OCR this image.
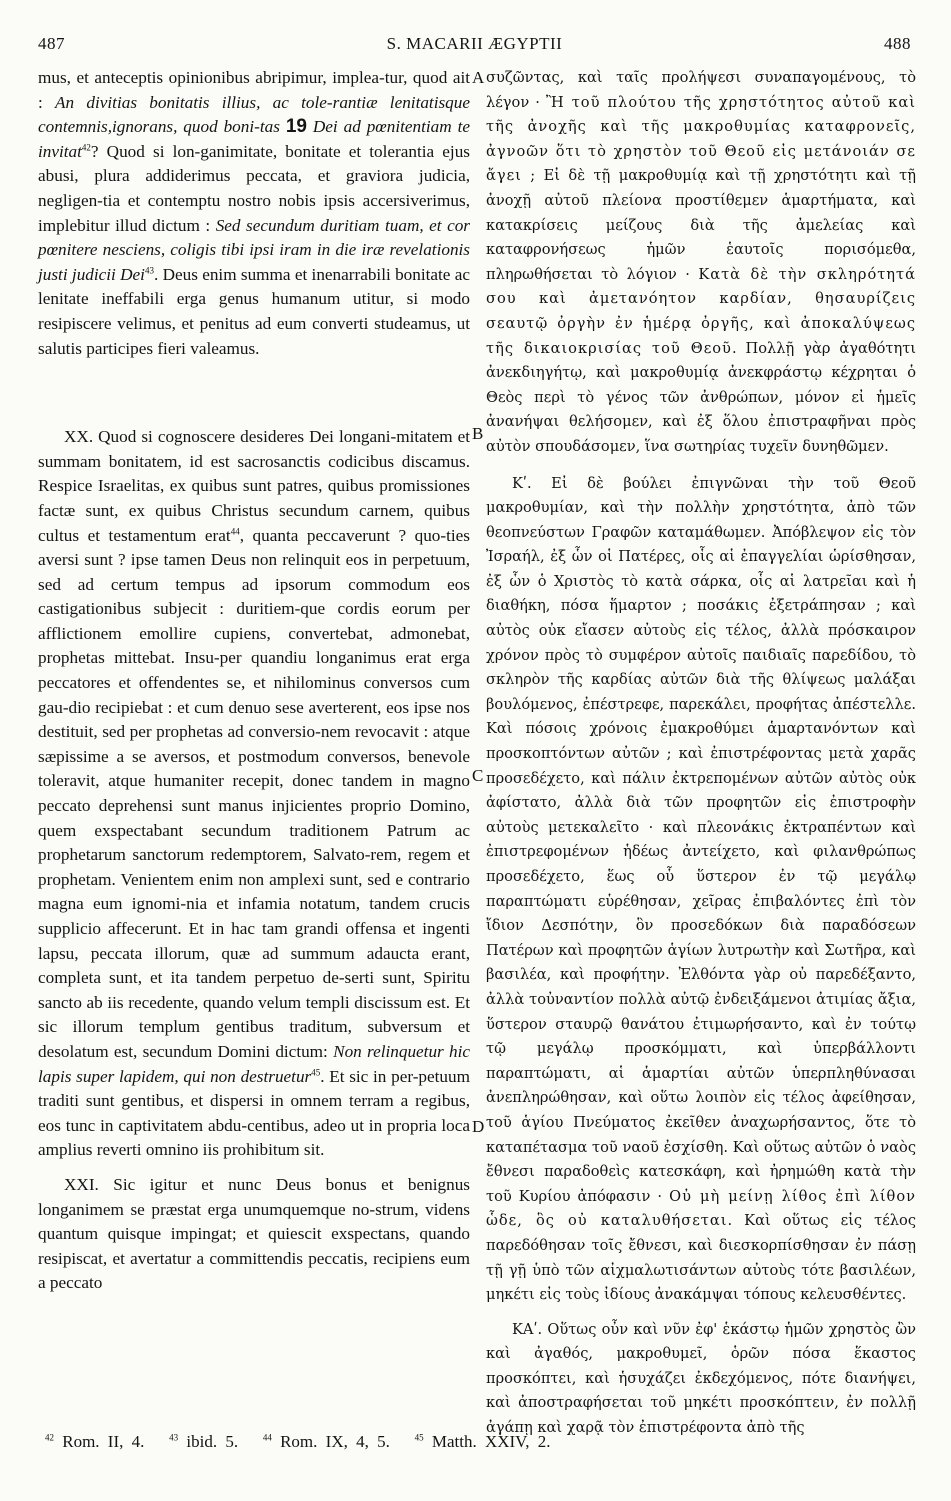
487	S. MACARII ÆGYPTII	488
A
B
C
D

mus, et anteceptis opinionibus abripimur, implea-tur, quod ait : An divitias bonitatis illius, ac tole-rantiæ lenitatisque contemnis,ignorans, quod boni-tas 19 Dei ad pœnitentiam te invitat$^{42}$? Quod si lon-ganimitate, bonitate et tolerantia ejus abusi, plura addiderimus peccata, et graviora judicia, negligen-tia et contemptu nostro nobis ipsis accersiverimus, implebitur illud dictum : Sed secundum duritiam tuam, et cor pœnitere nesciens, coligis tibi ipsi iram in die iræ revelationis justi judicii Dei$^{43}$. Deus enim summa et inenarrabili bonitate ac lenitate ineffabili erga genus humanum utitur, si modo resipiscere velimus, et penitus ad eum converti studeamus, ut salutis participes fieri valeamus.

XX. Quod si cognoscere desideres Dei longani-mitatem et summam bonitatem, id est sacrosanctis codicibus discamus. Respice Israelitas, ex quibus sunt patres, quibus promissiones factæ sunt, ex quibus Christus secundum carnem, quibus cultus et testamentum erat$^{44}$, quanta peccaverunt ? quo-ties aversi sunt ? ipse tamen Deus non relinquit eos in perpetuum, sed ad certum tempus ad ipsorum commodum eos castigationibus subjecit : duritiem-que cordis eorum per afflictionem emollire cupiens, convertebat, admonebat, prophetas mittebat. Insu-per quandiu longanimus erat erga peccatores et offendentes se, et nihilominus conversos cum gau-dio recipiebat : et cum denuo sese averterent, eos ipse nos destituit, sed per prophetas ad conversio-nem revocavit : atque sæpissime a se aversos, et postmodum conversos, benevole toleravit, atque humaniter recepit, donec tandem in magno peccato deprehensi sunt manus injicientes proprio Domino, quem exspectabant secundum traditionem Patrum ac prophetarum sanctorum redemptorem, Salvato-rem, regem et prophetam. Venientem enim non amplexi sunt, sed e contrario magna eum ignomi-nia et infamia notatum, tandem crucis supplicio affecerunt. Et in hac tam grandi offensa et ingenti lapsu, peccata illorum, quæ ad summum adaucta erant, completa sunt, et ita tandem perpetuo de-serti sunt, Spiritu sancto ab iis recedente, quando velum templi discissum est. Et sic illorum templum gentibus traditum, subversum et desolatum est, secundum Domini dictum: Non relinquetur hic lapis super lapidem, qui non destruetur$^{45}$. Et sic in per-petuum traditi sunt gentibus, et dispersi in omnem terram a regibus, eos tunc in captivitatem abdu-centibus, adeo ut in propria loca amplius reverti omnino iis prohibitum sit.

XXI. Sic igitur et nunc Deus bonus et benignus longanimem se præstat erga unumquemque no-strum, videns quantum quisque impingat; et quiescit exspectans, quando resipiscat, et avertatur a committendis peccatis, recipiens eum a peccato

συζῶντας, καὶ ταῖς προλήψεσι συναπαγομένους, τὸ λέγον · Ἢ τοῦ πλούτου τῆς χρηστότητος αὐτοῦ καὶ τῆς ἀνοχῆς καὶ τῆς μακροθυμίας καταφρονεῖς, ἀγνοῶν ὅτι τὸ χρηστὸν τοῦ Θεοῦ εἰς μετάνοιάν σε ἄγει ; Εἰ δὲ τῇ μακροθυμίᾳ καὶ τῇ χρηστότητι καὶ τῇ ἀνοχῇ αὐτοῦ πλείονα προστίθεμεν ἁμαρτήματα, καὶ κατακρίσεις μείζους διὰ τῆς ἀμελείας καὶ καταφρονήσεως ἡμῶν ἑαυτοῖς πορισόμεθα, πληρωθήσεται τὸ λόγιον · Κατὰ δὲ τὴν σκληρότητά σου καὶ ἀμετανόητον καρδίαν, θησαυρίζεις σεαυτῷ ὀργὴν ἐν ἡμέρᾳ ὀργῆς, καὶ ἀποκαλύψεως τῆς δικαιοκρισίας τοῦ Θεοῦ. Πολλῇ γὰρ ἀγαθότητι ἀνεκδιηγήτῳ, καὶ μακροθυμίᾳ ἀνεκφράστῳ κέχρηται ὁ Θεὸς περὶ τὸ γένος τῶν ἀνθρώπων, μόνον εἰ ἡμεῖς ἀνανήψαι θελήσομεν, καὶ ἐξ ὅλου ἐπιστραφῆναι πρὸς αὐτὸν σπουδάσομεν, ἵνα σωτηρίας τυχεῖν δυνηθῶμεν.

Κʹ. Εἰ δὲ βούλει ἐπιγνῶναι τὴν τοῦ Θεοῦ μακροθυμίαν, καὶ τὴν πολλὴν χρηστότητα, ἀπὸ τῶν θεοπνεύστων Γραφῶν καταμάθωμεν. Ἀπόβλεψον εἰς τὸν Ἰσραήλ, ἐξ ὧν οἱ Πατέρες, οἷς αἱ ἐπαγγελίαι ὡρίσθησαν, ἐξ ὧν ὁ Χριστὸς τὸ κατὰ σάρκα, οἷς αἱ λατρεῖαι καὶ ἡ διαθήκη, πόσα ἥμαρτον ; ποσάκις ἐξετράπησαν ; καὶ αὐτὸς οὐκ εἴασεν αὐτοὺς εἰς τέλος, ἀλλὰ πρόσκαιρον χρόνον πρὸς τὸ συμφέρον αὐτοῖς παιδιαῖς παρεδίδου, τὸ σκληρὸν τῆς καρδίας αὐτῶν διὰ τῆς θλίψεως μαλάξαι βουλόμενος, ἐπέστρεφε, παρεκάλει, προφήτας ἀπέστελλε. Καὶ πόσοις χρόνοις ἐμακροθύμει ἁμαρτανόντων καὶ προσκοπτόντων αὐτῶν ; καὶ ἐπιστρέφοντας μετὰ χαρᾶς προσεδέχετο, καὶ πάλιν ἐκτρεπομένων αὐτῶν αὐτὸς οὐκ ἀφίστατο, ἀλλὰ διὰ τῶν προφητῶν εἰς ἐπιστροφὴν αὐτοὺς μετεκαλεῖτο · καὶ πλεονάκις ἐκτραπέντων καὶ ἐπιστρεφομένων ἡδέως ἀντείχετο, καὶ φιλανθρώπως προσεδέχετο, ἕως οὗ ὕστερον ἐν τῷ μεγάλῳ παραπτώματι εὑρέθησαν, χεῖρας ἐπιβαλόντες ἐπὶ τὸν ἴδιον Δεσπότην, ὃν προσεδόκων διὰ παραδόσεων Πατέρων καὶ προφητῶν ἁγίων λυτρωτὴν καὶ Σωτῆρα, καὶ βασιλέα, καὶ προφήτην. Ἐλθόντα γὰρ οὐ παρεδέξαντο, ἀλλὰ τοὐναντίον πολλὰ αὐτῷ ἐνδειξάμενοι ἀτιμίας ἄξια, ὕστερον σταυρῷ θανάτου ἐτιμωρήσαντο, καὶ ἐν τούτῳ τῷ μεγάλῳ προσκόμματι, καὶ ὑπερβάλλοντι παραπτώματι, αἱ ἁμαρτίαι αὐτῶν ὑπερπληθύνασαι ἀνεπληρώθησαν, καὶ οὕτω λοιπὸν εἰς τέλος ἀφείθησαν, τοῦ ἁγίου Πνεύματος ἐκεῖθεν ἀναχωρήσαντος, ὅτε τὸ καταπέτασμα τοῦ ναοῦ ἐσχίσθη. Καὶ οὕτως αὐτῶν ὁ ναὸς ἔθνεσι παραδοθεὶς κατεσκάφη, καὶ ἠρημώθη κατὰ τὴν τοῦ Κυρίου ἀπόφασιν · Οὐ μὴ μείνῃ λίθος ἐπὶ λίθον ὧδε, ὃς οὐ καταλυθήσεται. Καὶ οὕτως εἰς τέλος παρεδόθησαν τοῖς ἔθνεσι, καὶ διεσκορπίσθησαν ἐν πάσῃ τῇ γῇ ὑπὸ τῶν αἰχμαλωτισάντων αὐτοὺς τότε βασιλέων, μηκέτι εἰς τοὺς ἰδίους ἀνακάμψαι τόπους κελευσθέντες.

ΚΑʹ. Οὕτως οὖν καὶ νῦν ἐφ' ἑκάστῳ ἡμῶν χρηστὸς ὢν καὶ ἀγαθός, μακροθυμεῖ, ὁρῶν πόσα ἕκαστος προσκόπτει, καὶ ἡσυχάζει ἐκδεχόμενος, πότε διανήψει, καὶ ἀποστραφήσεται τοῦ μηκέτι προσκόπτειν, ἐν πολλῇ ἀγάπῃ καὶ χαρᾷ τὸν ἐπιστρέφοντα ἀπὸ τῆς

$^{42}$ Rom. II, 4.	$^{43}$ ibid. 5.	$^{44}$ Rom. IX, 4, 5.	$^{45}$ Matth. XXIV, 2.
